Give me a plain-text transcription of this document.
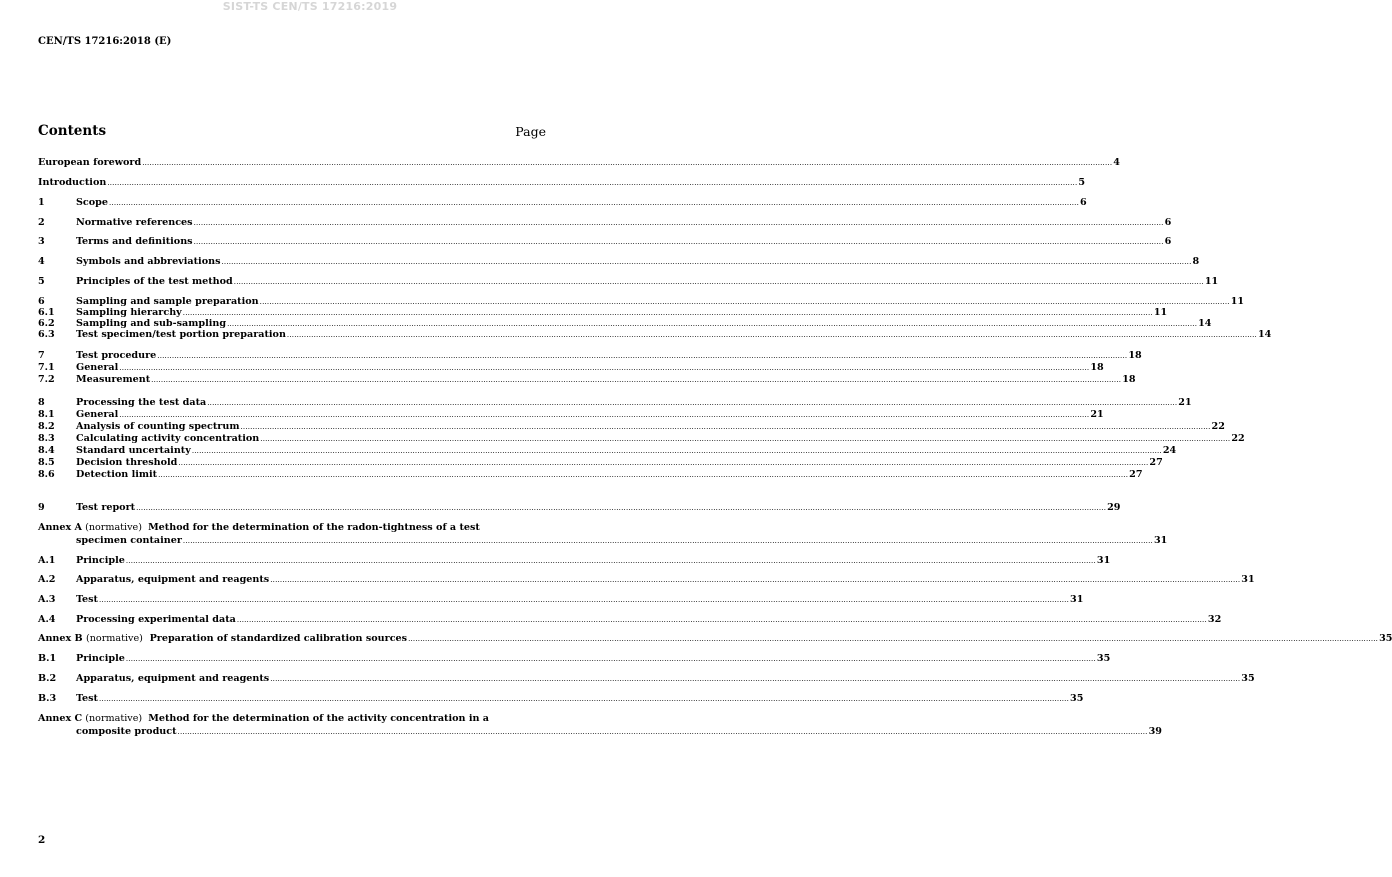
SIST-TS CEN/TS 17216:2019
CEN/TS 17216:2018 (E)
Contents	Page
European foreword ................................................................................................................................................................................................................................................................................................................................................................................................................ 4
Introduction ................................................................................................................................................................................................................................................................................................................................................................................................................ 5
1	Scope ................................................................................................................................................................................................................................................................................................................................................................................................................ 6
2	Normative references ................................................................................................................................................................................................................................................................................................................................................................................................................ 6
3	Terms and definitions ................................................................................................................................................................................................................................................................................................................................................................................................................ 6
4	Symbols and abbreviations ................................................................................................................................................................................................................................................................................................................................................................................................................ 8
5	Principles of the test method ................................................................................................................................................................................................................................................................................................................................................................................................................ 11
6	Sampling and sample preparation ................................................................................................................................................................................................................................................................................................................................................................................................................ 11
6.1	Sampling hierarchy ................................................................................................................................................................................................................................................................................................................................................................................................................ 11
6.2	Sampling and sub-sampling ................................................................................................................................................................................................................................................................................................................................................................................................................ 14
6.3	Test specimen/test portion preparation ................................................................................................................................................................................................................................................................................................................................................................................................................ 14
7	Test procedure ................................................................................................................................................................................................................................................................................................................................................................................................................ 18
7.1	General ................................................................................................................................................................................................................................................................................................................................................................................................................ 18
7.2	Measurement ................................................................................................................................................................................................................................................................................................................................................................................................................ 18
8	Processing the test data ................................................................................................................................................................................................................................................................................................................................................................................................................ 21
8.1	General ................................................................................................................................................................................................................................................................................................................................................................................................................ 21
8.2	Analysis of counting spectrum ................................................................................................................................................................................................................................................................................................................................................................................................................ 22
8.3	Calculating activity concentration ................................................................................................................................................................................................................................................................................................................................................................................................................ 22
8.4	Standard uncertainty ................................................................................................................................................................................................................................................................................................................................................................................................................ 24
8.5	Decision threshold ................................................................................................................................................................................................................................................................................................................................................................................................................ 27
8.6	Detection limit ................................................................................................................................................................................................................................................................................................................................................................................................................ 27
9	Test report ................................................................................................................................................................................................................................................................................................................................................................................................................ 29
Annex A (normative) Method for the determination of the radon-tightness of a test
specimen container ................................................................................................................................................................................................................................................................................................................................................................................................................ 31
A.1	Principle ................................................................................................................................................................................................................................................................................................................................................................................................................ 31
A.2	Apparatus, equipment and reagents ................................................................................................................................................................................................................................................................................................................................................................................................................ 31
A.3	Test ................................................................................................................................................................................................................................................................................................................................................................................................................ 31
A.4	Processing experimental data ................................................................................................................................................................................................................................................................................................................................................................................................................ 32
Annex B (normative) Preparation of standardized calibration sources ................................................................................................................................................................................................................................................................................................................................................................................................................ 35
B.1	Principle ................................................................................................................................................................................................................................................................................................................................................................................................................ 35
B.2	Apparatus, equipment and reagents ................................................................................................................................................................................................................................................................................................................................................................................................................ 35
B.3	Test ................................................................................................................................................................................................................................................................................................................................................................................................................ 35
Annex C (normative) Method for the determination of the activity concentration in a
composite product ................................................................................................................................................................................................................................................................................................................................................................................................................ 39
2
